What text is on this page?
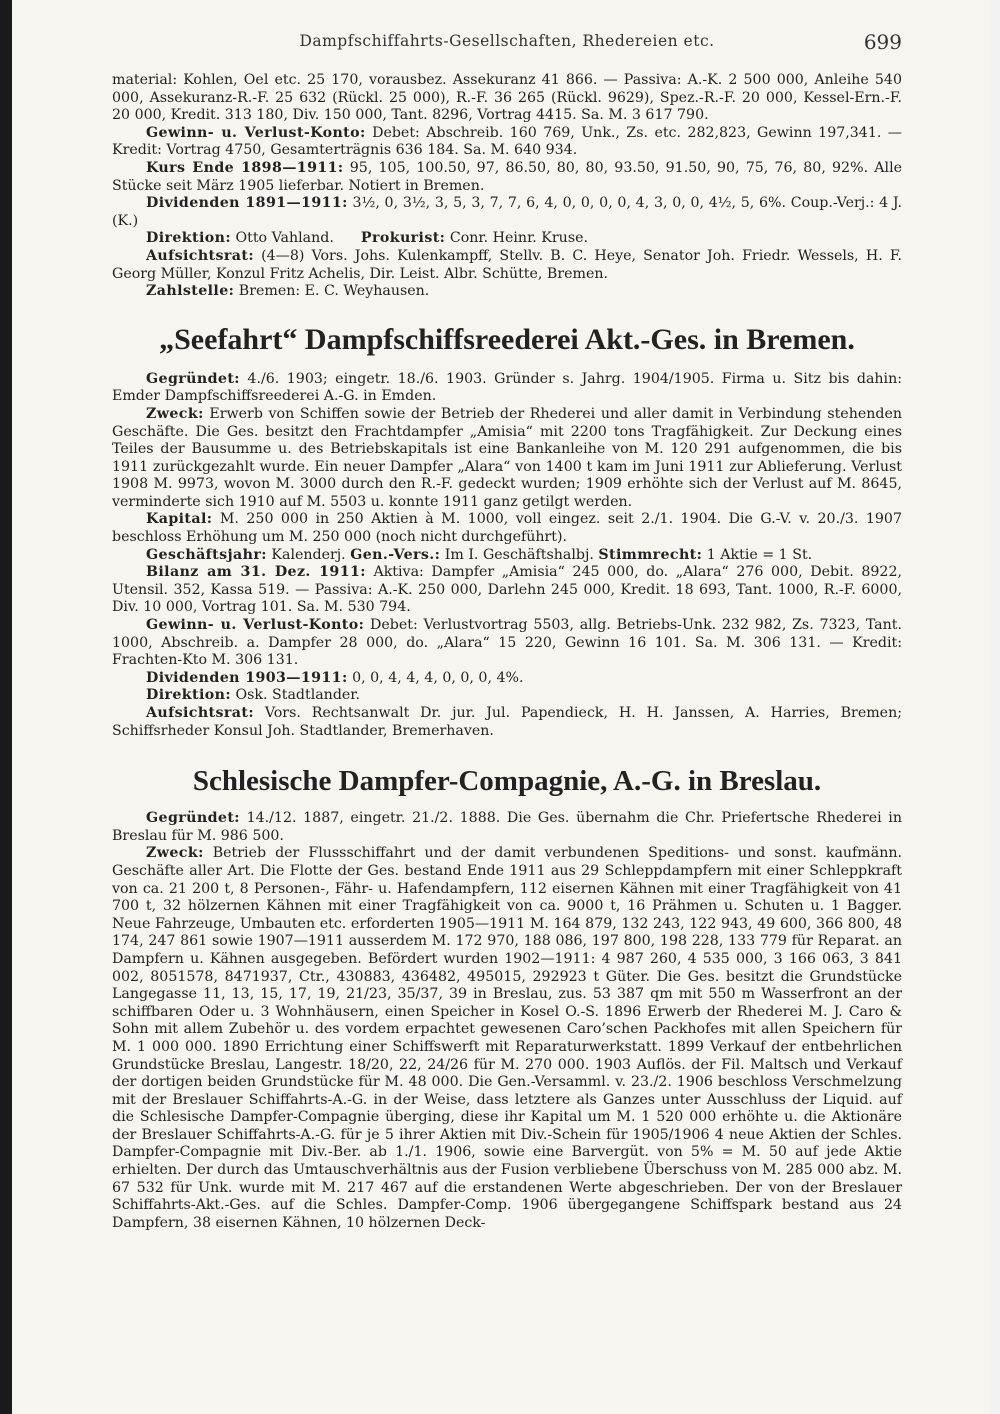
Dampfschiffahrts-Gesellschaften, Rhedereien etc.	699

material: Kohlen, Oel etc. 25 170, vorausbez. Assekuranz 41 866. — Passiva: A.-K. 2 500 000, Anleihe 540 000, Assekuranz-R.-F. 25 632 (Rückl. 25 000), R.-F. 36 265 (Rückl. 9629), Spez.-R.-F. 20 000, Kessel-Ern.-F. 20 000, Kredit. 313 180, Div. 150 000, Tant. 8296, Vortrag 4415. Sa. M. 3 617 790.

Gewinn- u. Verlust-Konto: Debet: Abschreib. 160 769, Unk., Zs. etc. 282,823, Gewinn 197,341. — Kredit: Vortrag 4750, Gesamterträgnis 636 184. Sa. M. 640 934.

Kurs Ende 1898—1911: 95, 105, 100.50, 97, 86.50, 80, 80, 93.50, 91.50, 90, 75, 76, 80, 92%. Alle Stücke seit März 1905 lieferbar. Notiert in Bremen.

Dividenden 1891—1911: 3½, 0, 3½, 3, 5, 3, 7, 7, 6, 4, 0, 0, 0, 0, 4, 3, 0, 0, 4½, 5, 6%. Coup.-Verj.: 4 J. (K.)

Direktion: Otto Vahland. Prokurist: Conr. Heinr. Kruse.

Aufsichtsrat: (4—8) Vors. Johs. Kulenkampff, Stellv. B. C. Heye, Senator Joh. Friedr. Wessels, H. F. Georg Müller, Konzul Fritz Achelis, Dir. Leist. Albr. Schütte, Bremen.

Zahlstelle: Bremen: E. C. Weyhausen.

„Seefahrt“ Dampfschiffsreederei Akt.-Ges. in Bremen.

Gegründet: 4./6. 1903; eingetr. 18./6. 1903. Gründer s. Jahrg. 1904/1905. Firma u. Sitz bis dahin: Emder Dampfschiffsreederei A.-G. in Emden.

Zweck: Erwerb von Schiffen sowie der Betrieb der Rhederei und aller damit in Verbindung stehenden Geschäfte. Die Ges. besitzt den Frachtdampfer „Amisia“ mit 2200 tons Tragfähigkeit. Zur Deckung eines Teiles der Bausumme u. des Betriebskapitals ist eine Bankanleihe von M. 120 291 aufgenommen, die bis 1911 zurückgezahlt wurde. Ein neuer Dampfer „Alara“ von 1400 t kam im Juni 1911 zur Ablieferung. Verlust 1908 M. 9973, wovon M. 3000 durch den R.-F. gedeckt wurden; 1909 erhöhte sich der Verlust auf M. 8645, verminderte sich 1910 auf M. 5503 u. konnte 1911 ganz getilgt werden.

Kapital: M. 250 000 in 250 Aktien à M. 1000, voll eingez. seit 2./1. 1904. Die G.-V. v. 20./3. 1907 beschloss Erhöhung um M. 250 000 (noch nicht durchgeführt).

Geschäftsjahr: Kalenderj. Gen.-Vers.: Im I. Geschäftshalbj. Stimmrecht: 1 Aktie = 1 St.

Bilanz am 31. Dez. 1911: Aktiva: Dampfer „Amisia“ 245 000, do. „Alara“ 276 000, Debit. 8922, Utensil. 352, Kassa 519. — Passiva: A.-K. 250 000, Darlehn 245 000, Kredit. 18 693, Tant. 1000, R.-F. 6000, Div. 10 000, Vortrag 101. Sa. M. 530 794.

Gewinn- u. Verlust-Konto: Debet: Verlustvortrag 5503, allg. Betriebs-Unk. 232 982, Zs. 7323, Tant. 1000, Abschreib. a. Dampfer 28 000, do. „Alara“ 15 220, Gewinn 16 101. Sa. M. 306 131. — Kredit: Frachten-Kto M. 306 131.

Dividenden 1903—1911: 0, 0, 4, 4, 4, 0, 0, 0, 4%.

Direktion: Osk. Stadtlander.

Aufsichtsrat: Vors. Rechtsanwalt Dr. jur. Jul. Papendieck, H. H. Janssen, A. Harries, Bremen; Schiffsrheder Konsul Joh. Stadtlander, Bremerhaven.

Schlesische Dampfer-Compagnie, A.-G. in Breslau.

Gegründet: 14./12. 1887, eingetr. 21./2. 1888. Die Ges. übernahm die Chr. Priefertsche Rhederei in Breslau für M. 986 500.

Zweck: Betrieb der Flussschiffahrt und der damit verbundenen Speditions- und sonst. kaufmänn. Geschäfte aller Art. Die Flotte der Ges. bestand Ende 1911 aus 29 Schleppdampfern mit einer Schleppkraft von ca. 21 200 t, 8 Personen-, Fähr- u. Hafendampfern, 112 eisernen Kähnen mit einer Tragfähigkeit von 41 700 t, 32 hölzernen Kähnen mit einer Tragfähigkeit von ca. 9000 t, 16 Prähmen u. Schuten u. 1 Bagger. Neue Fahrzeuge, Umbauten etc. erforderten 1905—1911 M. 164 879, 132 243, 122 943, 49 600, 366 800, 48 174, 247 861 sowie 1907—1911 ausserdem M. 172 970, 188 086, 197 800, 198 228, 133 779 für Reparat. an Dampfern u. Kähnen ausgegeben. Befördert wurden 1902—1911: 4 987 260, 4 535 000, 3 166 063, 3 841 002, 8051578, 8471937, Ctr., 430883, 436482, 495015, 292923 t Güter. Die Ges. besitzt die Grundstücke Langegasse 11, 13, 15, 17, 19, 21/23, 35/37, 39 in Breslau, zus. 53 387 qm mit 550 m Wasserfront an der schiffbaren Oder u. 3 Wohnhäusern, einen Speicher in Kosel O.-S. 1896 Erwerb der Rhederei M. J. Caro & Sohn mit allem Zubehör u. des vordem erpachtet gewesenen Caro’schen Packhofes mit allen Speichern für M. 1 000 000. 1890 Errichtung einer Schiffswerft mit Reparaturwerkstatt. 1899 Verkauf der entbehrlichen Grundstücke Breslau, Langestr. 18/20, 22, 24/26 für M. 270 000. 1903 Auflös. der Fil. Maltsch und Verkauf der dortigen beiden Grundstücke für M. 48 000. Die Gen.-Versamml. v. 23./2. 1906 beschloss Verschmelzung mit der Breslauer Schiffahrts-A.-G. in der Weise, dass letztere als Ganzes unter Ausschluss der Liquid. auf die Schlesische Dampfer-Compagnie überging, diese ihr Kapital um M. 1 520 000 erhöhte u. die Aktionäre der Breslauer Schiffahrts-A.-G. für je 5 ihrer Aktien mit Div.-Schein für 1905/1906 4 neue Aktien der Schles. Dampfer-Compagnie mit Div.-Ber. ab 1./1. 1906, sowie eine Barvergüt. von 5% = M. 50 auf jede Aktie erhielten. Der durch das Umtauschverhältnis aus der Fusion verbliebene Überschuss von M. 285 000 abz. M. 67 532 für Unk. wurde mit M. 217 467 auf die erstandenen Werte abgeschrieben. Der von der Breslauer Schiffahrts-Akt.-Ges. auf die Schles. Dampfer-Comp. 1906 übergegangene Schiffspark bestand aus 24 Dampfern, 38 eisernen Kähnen, 10 hölzernen Deck-
